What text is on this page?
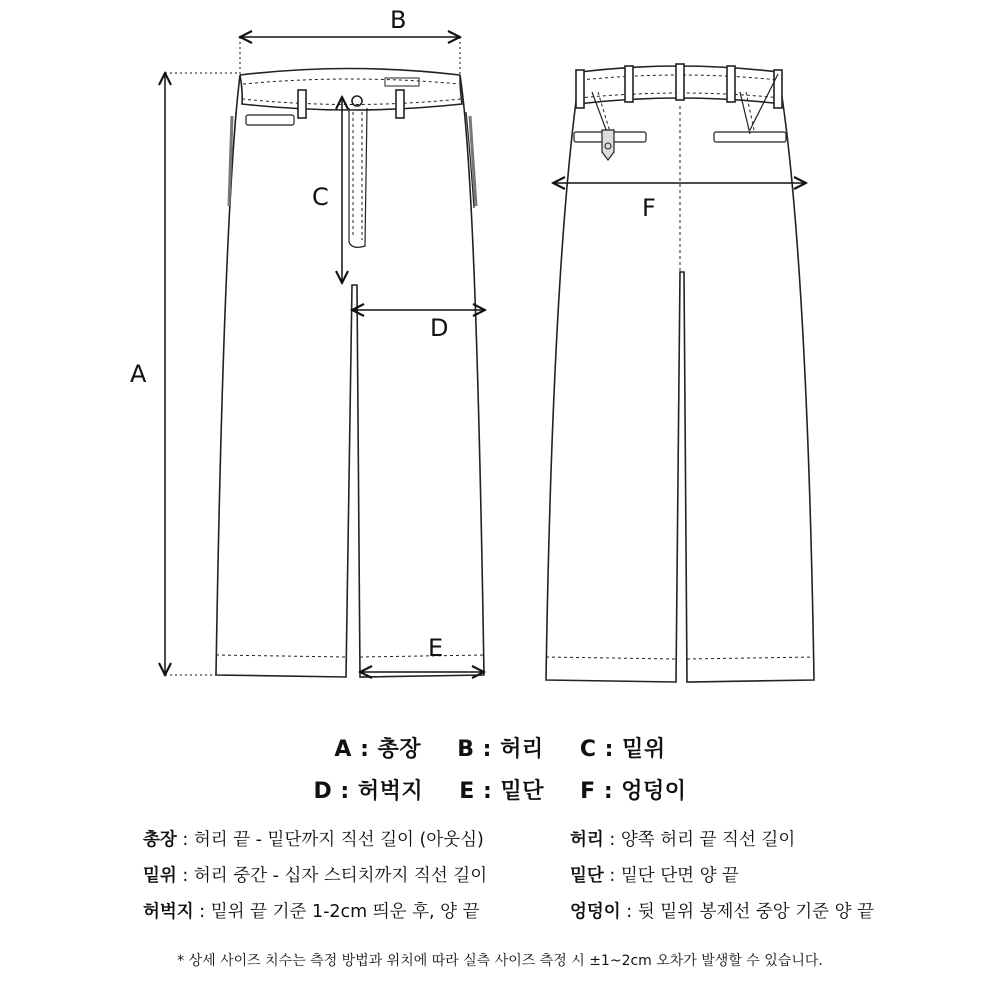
A
B
C
D
E
F
A : 총장 B : 허리 C : 밑위
D : 허벅지 E : 밑단 F : 엉덩이
총장 : 허리 끝 - 밑단까지 직선 길이 (아웃심)
밑위 : 허리 중간 - 십자 스티치까지 직선 길이
허벅지 : 밑위 끝 기준 1-2cm 띄운 후, 양 끝
허리 : 양쪽 허리 끝 직선 길이
밑단 : 밑단 단면 양 끝
엉덩이 : 뒷 밑위 봉제선 중앙 기준 양 끝
* 상세 사이즈 치수는 측정 방법과 위치에 따라 실측 사이즈 측정 시 ±1~2cm 오차가 발생할 수 있습니다.
